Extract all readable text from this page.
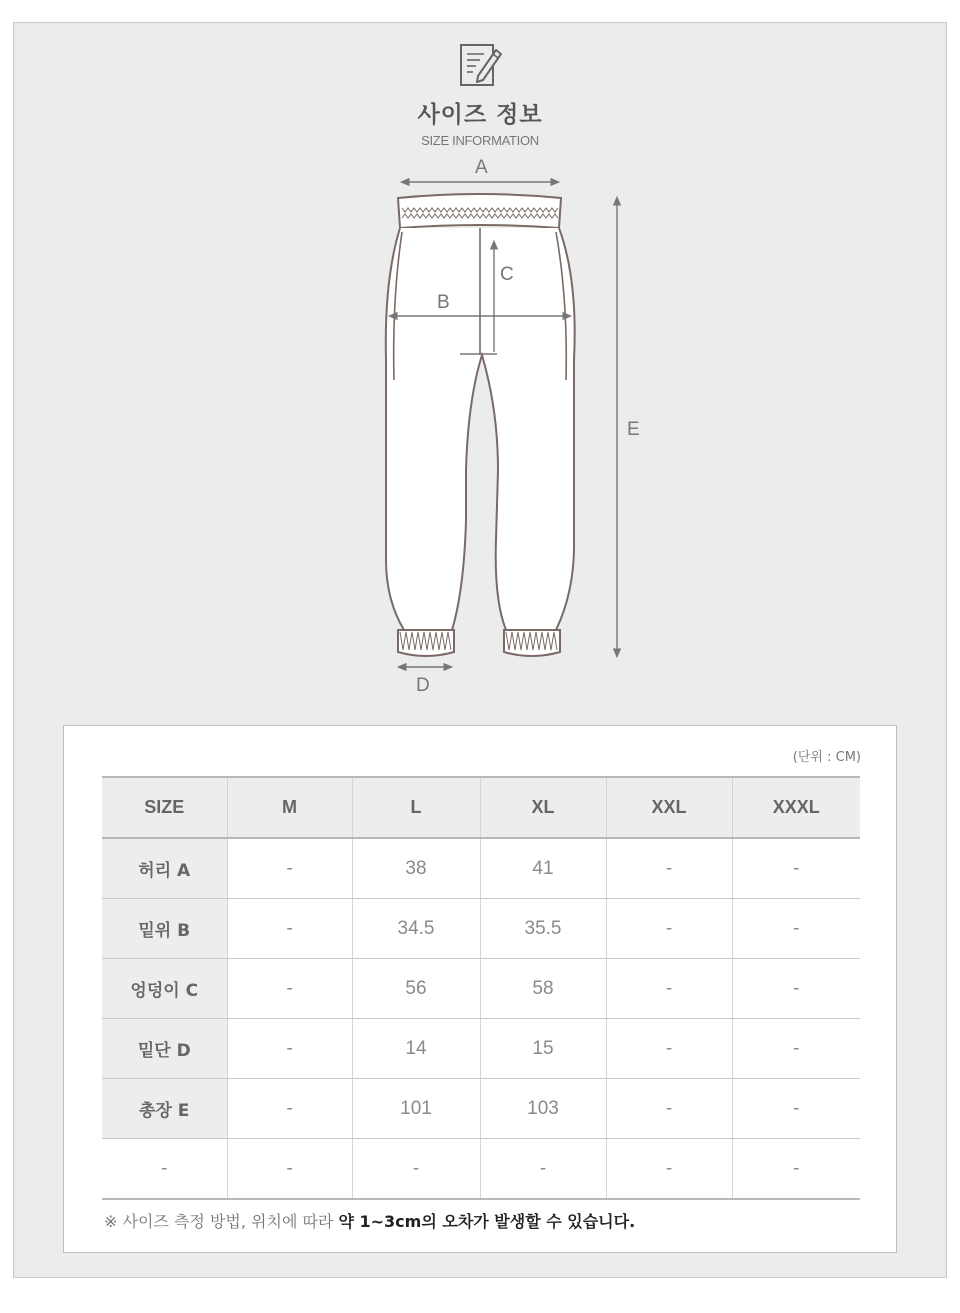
사이즈 정보
SIZE INFORMATION
A
B
C
D
E
(단위 : CM)
SIZE	M	L	XL	XXL	XXXL
허리 A	-	38	41	-	-
밑위 B	-	34.5	35.5	-	-
엉덩이 C	-	56	58	-	-
밑단 D	-	14	15	-	-
총장 E	-	101	103	-	-
-	-	-	-	-	-
※ 사이즈 측정 방법, 위치에 따라 약 1~3cm의 오차가 발생할 수 있습니다.
